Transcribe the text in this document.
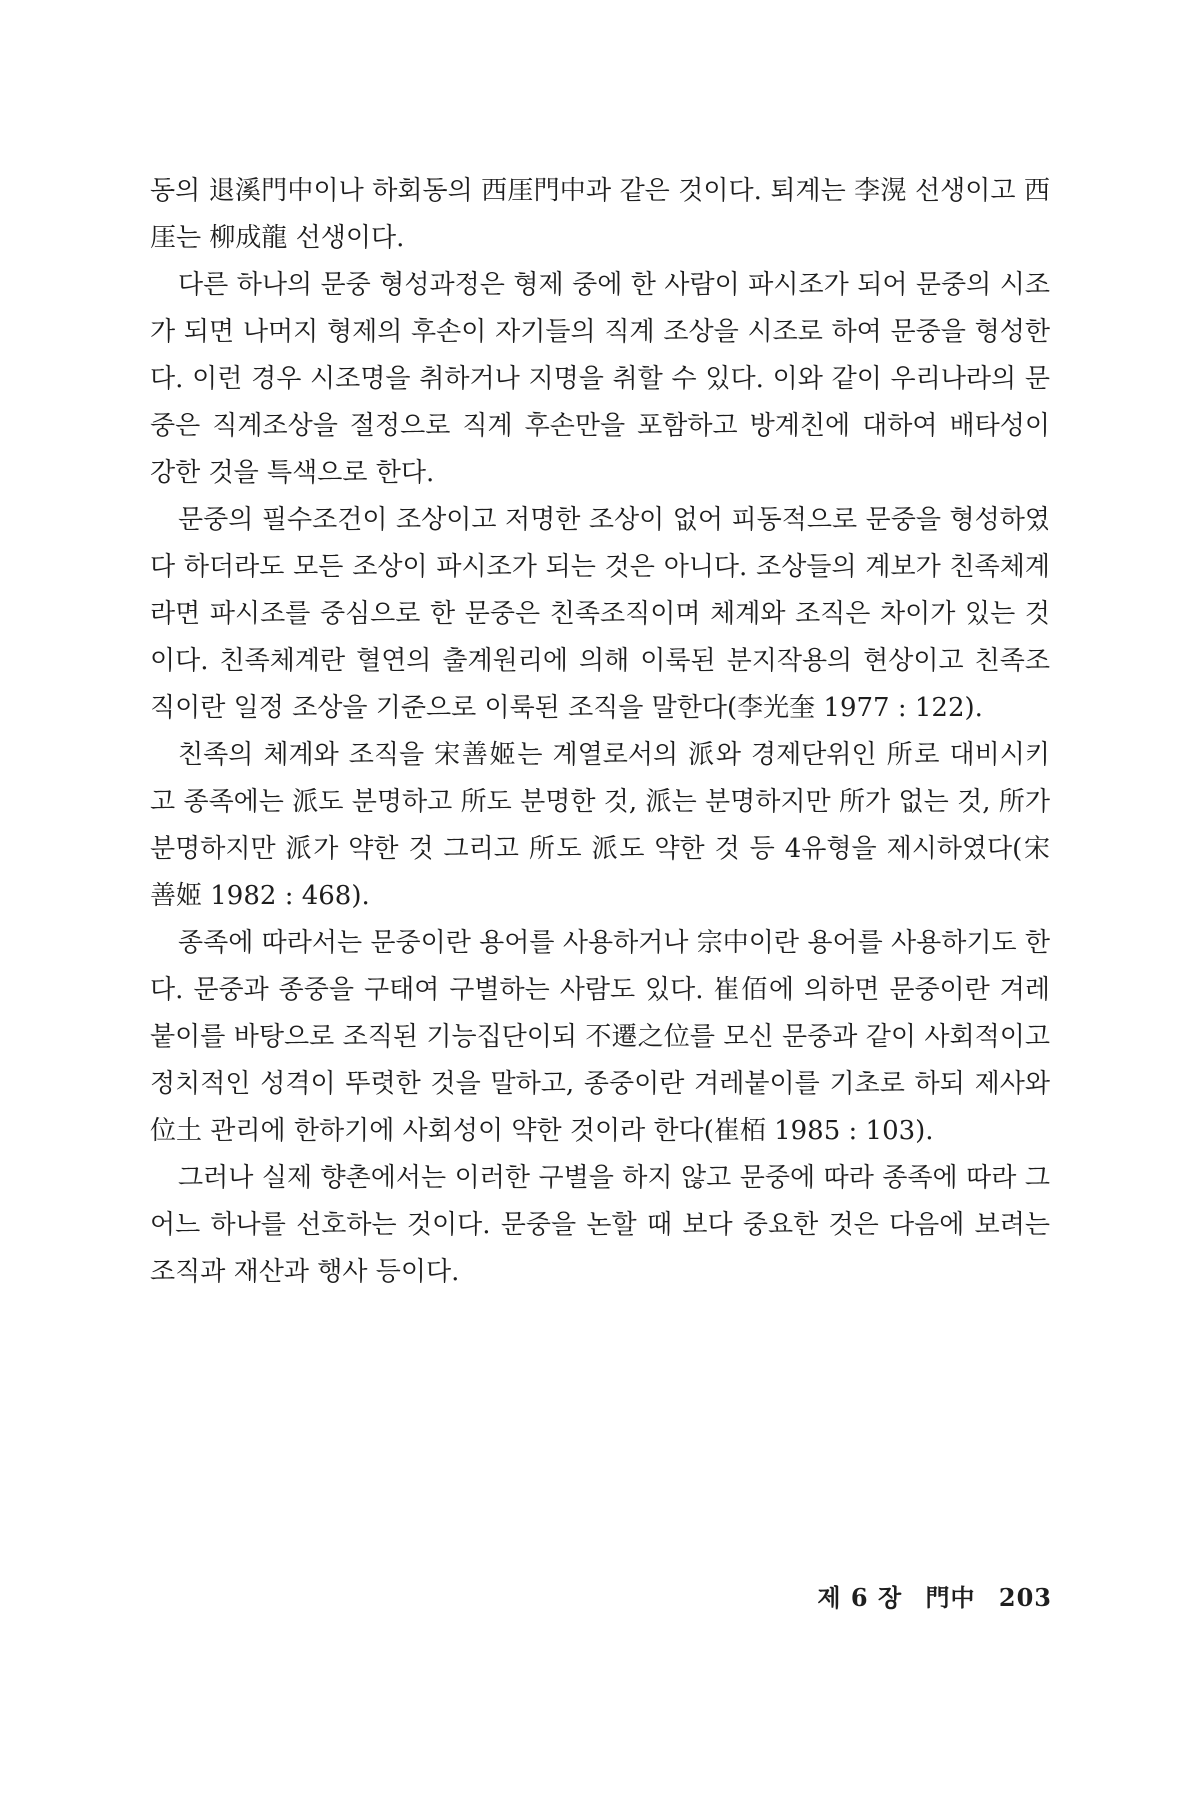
동의 退溪門中이나 하회동의 西厓門中과 같은 것이다. 퇴계는 李滉 선생이고 西厓는 柳成龍 선생이다.

다른 하나의 문중 형성과정은 형제 중에 한 사람이 파시조가 되어 문중의 시조가 되면 나머지 형제의 후손이 자기들의 직계 조상을 시조로 하여 문중을 형성한다. 이런 경우 시조명을 취하거나 지명을 취할 수 있다. 이와 같이 우리나라의 문중은 직계조상을 절정으로 직계 후손만을 포함하고 방계친에 대하여 배타성이 강한 것을 특색으로 한다.

문중의 필수조건이 조상이고 저명한 조상이 없어 피동적으로 문중을 형성하였다 하더라도 모든 조상이 파시조가 되는 것은 아니다. 조상들의 계보가 친족체계라면 파시조를 중심으로 한 문중은 친족조직이며 체계와 조직은 차이가 있는 것이다. 친족체계란 혈연의 출계원리에 의해 이룩된 분지작용의 현상이고 친족조직이란 일정 조상을 기준으로 이룩된 조직을 말한다(李光奎 1977 : 122).

친족의 체계와 조직을 宋善姬는 계열로서의 派와 경제단위인 所로 대비시키고 종족에는 派도 분명하고 所도 분명한 것, 派는 분명하지만 所가 없는 것, 所가 분명하지만 派가 약한 것 그리고 所도 派도 약한 것 등 4유형을 제시하였다(宋善姬 1982 : 468).

종족에 따라서는 문중이란 용어를 사용하거나 宗中이란 용어를 사용하기도 한다. 문중과 종중을 구태여 구별하는 사람도 있다. 崔佰에 의하면 문중이란 겨레붙이를 바탕으로 조직된 기능집단이되 不遷之位를 모신 문중과 같이 사회적이고 정치적인 성격이 뚜렷한 것을 말하고, 종중이란 겨레붙이를 기초로 하되 제사와 位土 관리에 한하기에 사회성이 약한 것이라 한다(崔栢 1985 : 103).

그러나 실제 향촌에서는 이러한 구별을 하지 않고 문중에 따라 종족에 따라 그 어느 하나를 선호하는 것이다. 문중을 논할 때 보다 중요한 것은 다음에 보려는 조직과 재산과 행사 등이다.

제 6 장 門中 203
